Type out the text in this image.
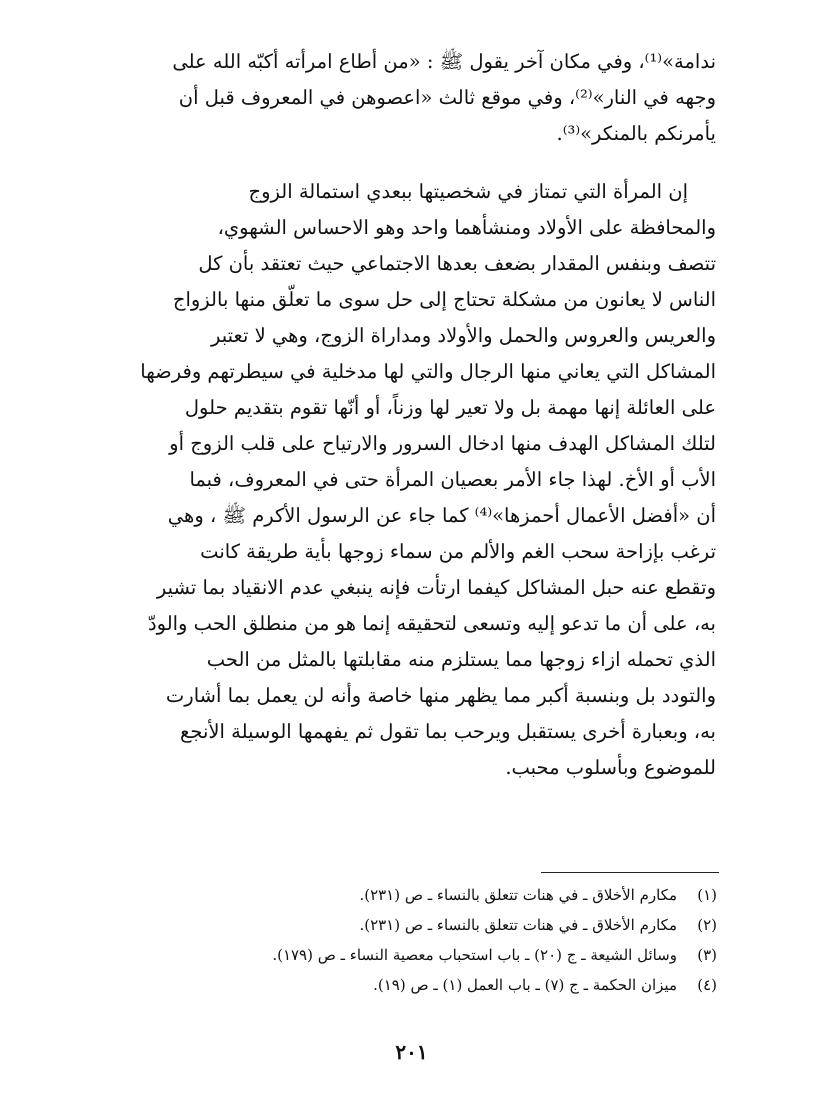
ندامة»⁽¹⁾، وفي مكان آخر يقول ﷺ : «من أطاع امرأته أكبّه الله على
وجهه في النار»⁽²⁾، وفي موقع ثالث «اعصوهن في المعروف قبل أن
يأمرنكم بالمنكر»⁽³⁾.
إن المرأة التي تمتاز في شخصيتها ببعدي استمالة الزوج
والمحافظة على الأولاد ومنشأهما واحد وهو الاحساس الشهوي،
تتصف وبنفس المقدار بضعف بعدها الاجتماعي حيث تعتقد بأن كل
الناس لا يعانون من مشكلة تحتاج إلى حل سوى ما تعلّق منها بالزواج
والعريس والعروس والحمل والأولاد ومداراة الزوج، وهي لا تعتبر
المشاكل التي يعاني منها الرجال والتي لها مدخلية في سيطرتهم وفرضها
على العائلة إنها مهمة بل ولا تعير لها وزناً، أو أنّها تقوم بتقديم حلول
لتلك المشاكل الهدف منها ادخال السرور والارتياح على قلب الزوج أو
الأب أو الأخ. لهذا جاء الأمر بعصيان المرأة حتى في المعروف، فبما
أن «أفضل الأعمال أحمزها»⁽⁴⁾ كما جاء عن الرسول الأكرم ﷺ ، وهي
ترغب بإزاحة سحب الغم والألم من سماء زوجها بأية طريقة كانت
وتقطع عنه حبل المشاكل كيفما ارتأت فإنه ينبغي عدم الانقياد بما تشير
به، على أن ما تدعو إليه وتسعى لتحقيقه إنما هو من منطلق الحب والودّ
الذي تحمله ازاء زوجها مما يستلزم منه مقابلتها بالمثل من الحب
والتودد بل وبنسبة أكبر مما يظهر منها خاصة وأنه لن يعمل بما أشارت
به، وبعبارة أخرى يستقبل ويرحب بما تقول ثم يفهمها الوسيلة الأنجع
للموضوع وبأسلوب محبب.
(١)
مكارم الأخلاق ـ في هنات تتعلق بالنساء ـ ص (٢٣١).
(٢)
مكارم الأخلاق ـ في هنات تتعلق بالنساء ـ ص (٢٣١).
(٣)
وسائل الشيعة ـ ج (٢٠) ـ باب استحباب معصية النساء ـ ص (١٧٩).
(٤)
ميزان الحكمة ـ ج (٧) ـ باب العمل (١) ـ ص (١٩).
٢٠١
